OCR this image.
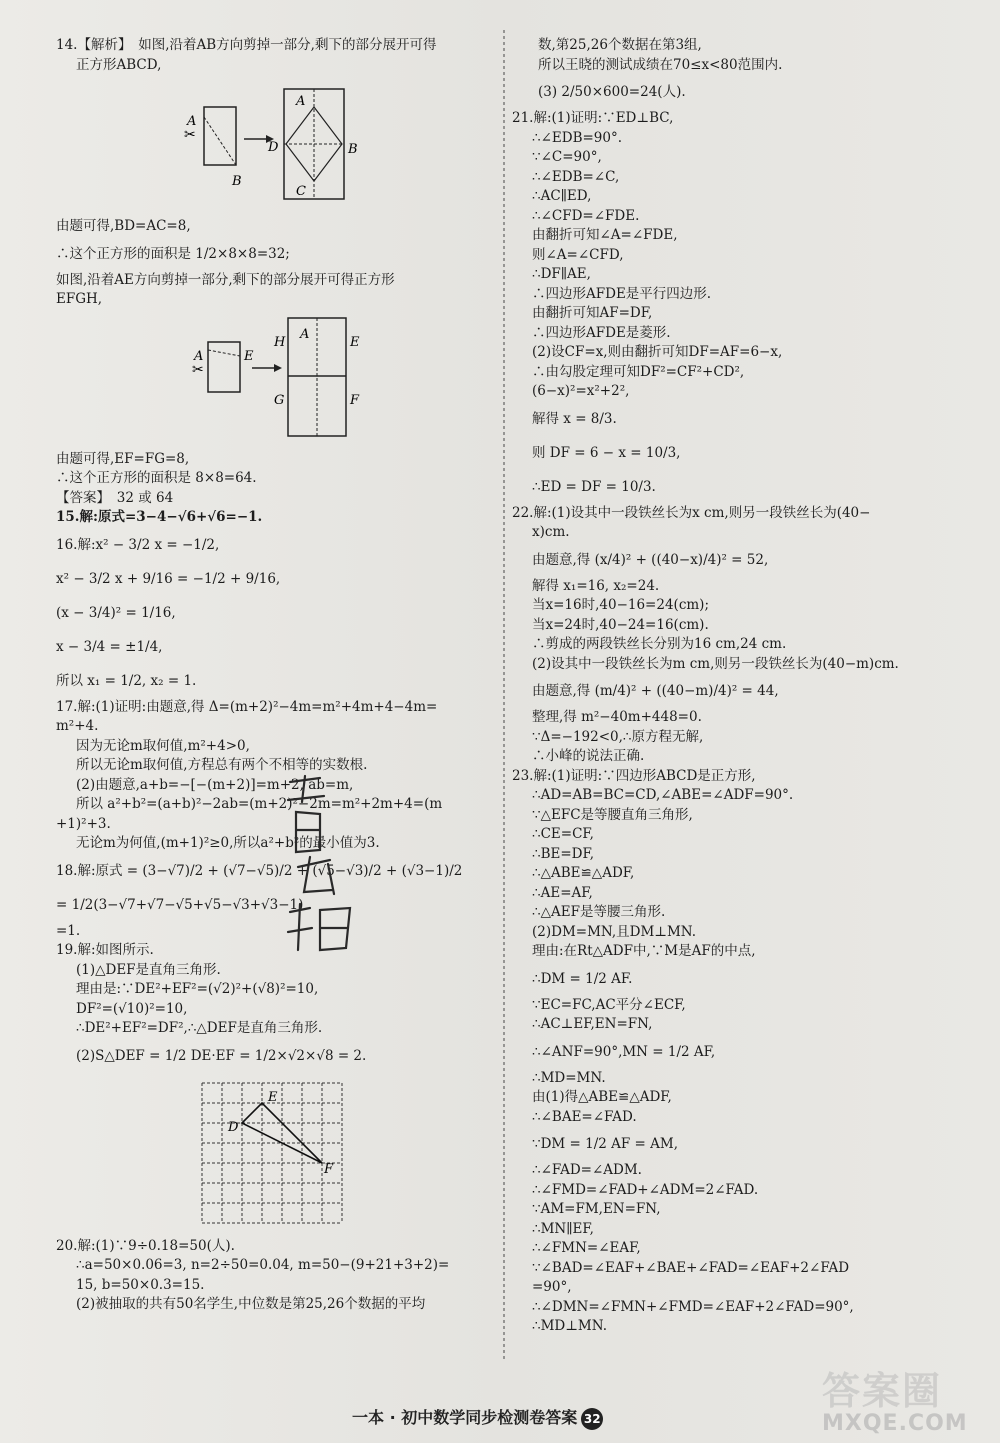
14.【解析】　如图,沿着AB方向剪掉一部分,剩下的部分展开可得
正方形ABCD,
A
✂
B
D
A
B
C
由题可得,BD=AC=8,
∴这个正方形的面积是 1/2×8×8=32;
如图,沿着AE方向剪掉一部分,剩下的部分展开可得正方形
EFGH,
A
✂
E
H
A
E
G	F
由题可得,EF=FG=8,
∴这个正方形的面积是 8×8=64.
【答案】　32 或 64
15.解:原式=3−4−√6+√6=−1.
16.解:x² − 3/2 x = −1/2,
x² − 3/2 x + 9/16 = −1/2 + 9/16,
(x − 3/4)² = 1/16,
x − 3/4 = ±1/4,
所以 x₁ = 1/2, x₂ = 1.
17.解:(1)证明:由题意,得 Δ=(m+2)²−4m=m²+4m+4−4m=
m²+4.
因为无论m取何值,m²+4>0,
所以无论m取何值,方程总有两个不相等的实数根.
(2)由题意,a+b=−[−(m+2)]=m+2, ab=m,
所以 a²+b²=(a+b)²−2ab=(m+2)²−2m=m²+2m+4=(m
+1)²+3.
无论m为何值,(m+1)²≥0,所以a²+b²的最小值为3.
18.解:原式 = (3−√7)/2 + (√7−√5)/2 + (√5−√3)/2 + (√3−1)/2
= 1/2(3−√7+√7−√5+√5−√3+√3−1)
=1.
19.解:如图所示.
(1)△DEF是直角三角形.
理由是:∵DE²+EF²=(√2)²+(√8)²=10,
DF²=(√10)²=10,
∴DE²+EF²=DF²,∴△DEF是直角三角形.
(2)S△DEF = 1/2 DE·EF = 1/2×√2×√8 = 2.
E
D
F
20.解:(1)∵9÷0.18=50(人).
∴a=50×0.06=3, n=2÷50=0.04, m=50−(9+21+3+2)=
15, b=50×0.3=15.
(2)被抽取的共有50名学生,中位数是第25,26个数据的平均
数,第25,26个数据在第3组,
所以王晓的测试成绩在70≤x<80范围内.
(3) 2/50×600=24(人).
21.解:(1)证明:∵ED⊥BC,
∴∠EDB=90°.
∵∠C=90°,
∴∠EDB=∠C,
∴AC∥ED,
∴∠CFD=∠FDE.
由翻折可知∠A=∠FDE,
则∠A=∠CFD,
∴DF∥AE,
∴四边形AFDE是平行四边形.
由翻折可知AF=DF,
∴四边形AFDE是菱形.
(2)设CF=x,则由翻折可知DF=AF=6−x,
∴由勾股定理可知DF²=CF²+CD²,
(6−x)²=x²+2²,
解得 x = 8/3.
则 DF = 6 − x = 10/3,
∴ED = DF = 10/3.
22.解:(1)设其中一段铁丝长为x cm,则另一段铁丝长为(40−
x)cm.
由题意,得 (x/4)² + ((40−x)/4)² = 52,
解得 x₁=16, x₂=24.
当x=16时,40−16=24(cm);
当x=24时,40−24=16(cm).
∴剪成的两段铁丝长分别为16 cm,24 cm.
(2)设其中一段铁丝长为m cm,则另一段铁丝长为(40−m)cm.
由题意,得 (m/4)² + ((40−m)/4)² = 44,
整理,得 m²−40m+448=0.
∵Δ=−192<0,∴原方程无解,
∴小峰的说法正确.
23.解:(1)证明:∵四边形ABCD是正方形,
∴AD=AB=BC=CD,∠ABE=∠ADF=90°.
∵△EFC是等腰直角三角形,
∴CE=CF,
∴BE=DF,
∴△ABE≌△ADF,
∴AE=AF,
∴△AEF是等腰三角形.
(2)DM=MN,且DM⊥MN.
理由:在Rt△ADF中,∵M是AF的中点,
∴DM = 1/2 AF.
∵EC=FC,AC平分∠ECF,
∴AC⊥EF,EN=FN,
∴∠ANF=90°,MN = 1/2 AF,
∴MD=MN.
由(1)得△ABE≌△ADF,
∴∠BAE=∠FAD.
∵DM = 1/2 AF = AM,
∴∠FAD=∠ADM.
∴∠FMD=∠FAD+∠ADM=2∠FAD.
∵AM=FM,EN=FN,
∴MN∥EF,
∴∠FMN=∠EAF,
∵∠BAD=∠EAF+∠BAE+∠FAD=∠EAF+2∠FAD
=90°,
∴∠DMN=∠FMN+∠FMD=∠EAF+2∠FAD=90°,
∴MD⊥MN.
一本 · 初中数学同步检测卷答案 32
答案圈
MXQE.COM
